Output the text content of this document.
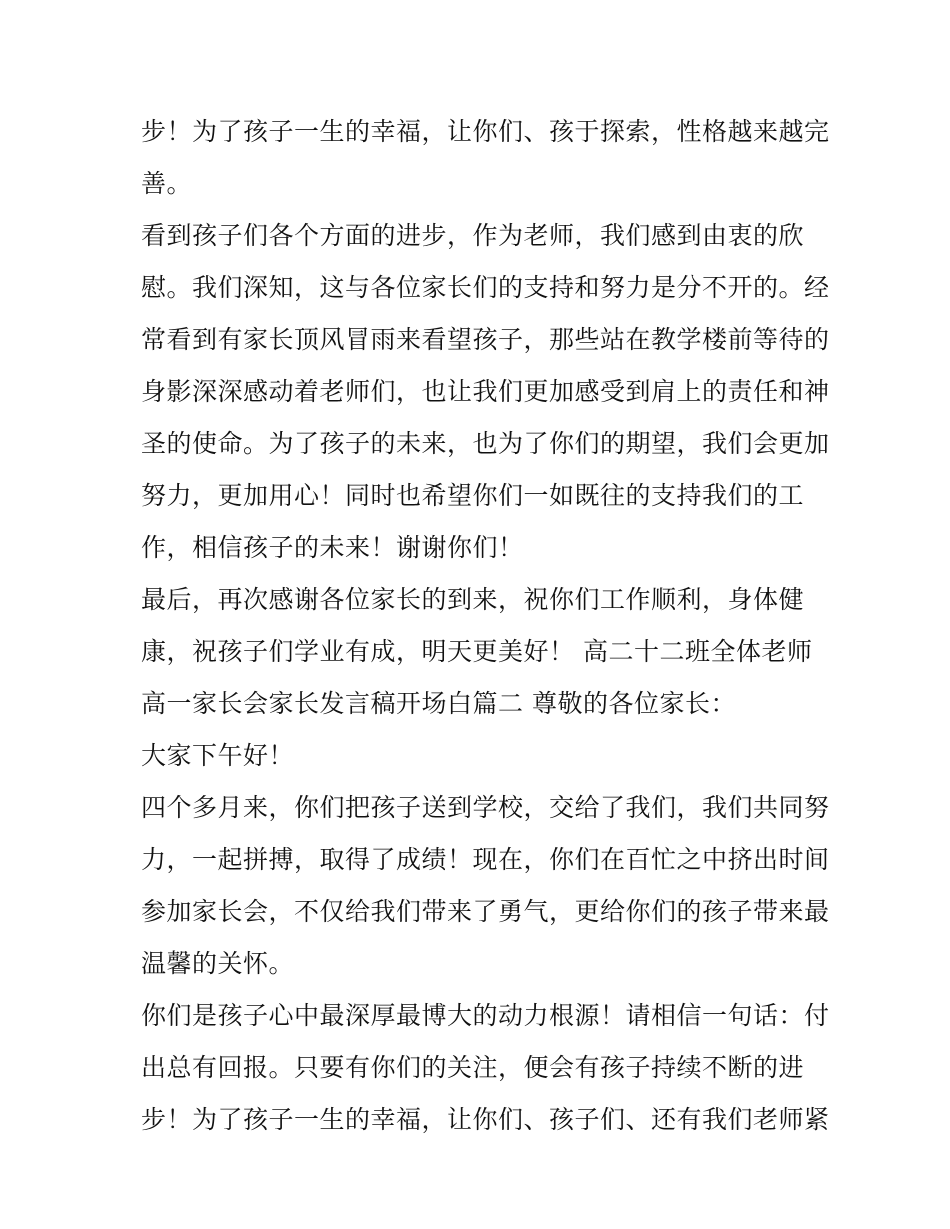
步！为了孩子一生的幸福，让你们、孩于探索，性格越来越完
善。
看到孩子们各个方面的进步，作为老师，我们感到由衷的欣
慰。我们深知，这与各位家长们的支持和努力是分不开的。经
常看到有家长顶风冒雨来看望孩子，那些站在教学楼前等待的
身影深深感动着老师们，也让我们更加感受到肩上的责任和神
圣的使命。为了孩子的未来，也为了你们的期望，我们会更加
努力，更加用心！同时也希望你们一如既往的支持我们的工
作，相信孩子的未来！谢谢你们！
最后，再次感谢各位家长的到来，祝你们工作顺利，身体健
康，祝孩子们学业有成，明天更美好！ 高二十二班全体老师
高一家长会家长发言稿开场白篇二 尊敬的各位家长：
大家下午好！
四个多月来，你们把孩子送到学校，交给了我们，我们共同努
力，一起拼搏，取得了成绩！现在，你们在百忙之中挤出时间
参加家长会，不仅给我们带来了勇气，更给你们的孩子带来最
温馨的关怀。
你们是孩子心中最深厚最博大的动力根源！请相信一句话：付
出总有回报。只要有你们的关注，便会有孩子持续不断的进
步！为了孩子一生的幸福，让你们、孩子们、还有我们老师紧
